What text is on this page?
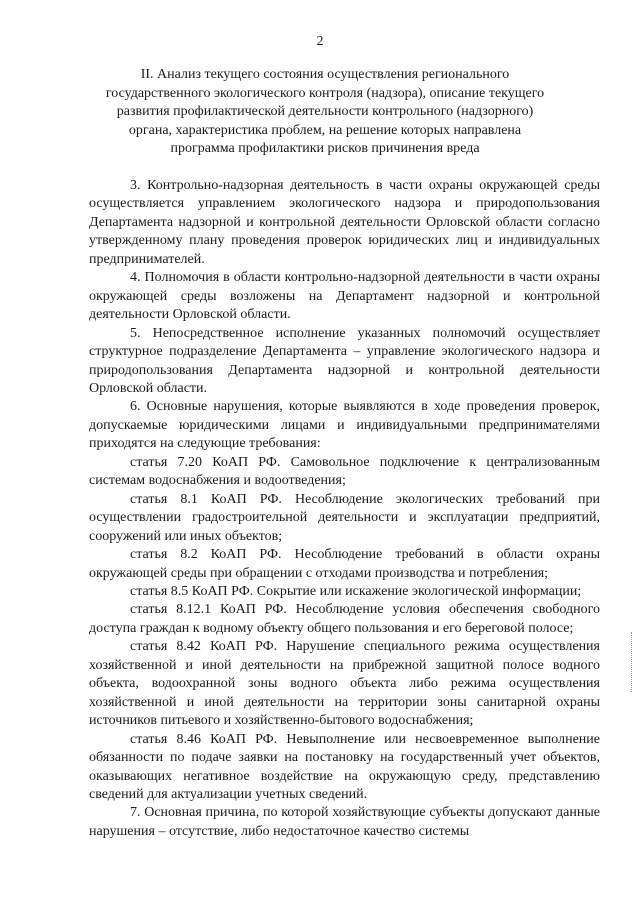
2
II. Анализ текущего состояния осуществления регионального государственного экологического контроля (надзора), описание текущего развития профилактической деятельности контрольного (надзорного) органа, характеристика проблем, на решение которых направлена программа профилактики рисков причинения вреда

3. Контрольно-надзорная деятельность в части охраны окружающей среды осуществляется управлением экологического надзора и природопользования Департамента надзорной и контрольной деятельности Орловской области согласно утвержденному плану проведения проверок юридических лиц и индивидуальных предпринимателей.

4. Полномочия в области контрольно-надзорной деятельности в части охраны окружающей среды возложены на Департамент надзорной и контрольной деятельности Орловской области.

5. Непосредственное исполнение указанных полномочий осуществляет структурное подразделение Департамента – управление экологического надзора и природопользования Департамента надзорной и контрольной деятельности Орловской области.

6. Основные нарушения, которые выявляются в ходе проведения проверок, допускаемые юридическими лицами и индивидуальными предпринимателями приходятся на следующие требования:

статья 7.20 КоАП РФ. Самовольное подключение к централизованным системам водоснабжения и водоотведения;

статья 8.1 КоАП РФ. Несоблюдение экологических требований при осуществлении градостроительной деятельности и эксплуатации предприятий, сооружений или иных объектов;

статья 8.2 КоАП РФ. Несоблюдение требований в области охраны окружающей среды при обращении с отходами производства и потребления;

статья 8.5 КоАП РФ. Сокрытие или искажение экологической информации;

статья 8.12.1 КоАП РФ. Несоблюдение условия обеспечения свободного доступа граждан к водному объекту общего пользования и его береговой полосе;

статья 8.42 КоАП РФ. Нарушение специального режима осуществления хозяйственной и иной деятельности на прибрежной защитной полосе водного объекта, водоохранной зоны водного объекта либо режима осуществления хозяйственной и иной деятельности на территории зоны санитарной охраны источников питьевого и хозяйственно-бытового водоснабжения;

статья 8.46 КоАП РФ. Невыполнение или несвоевременное выполнение обязанности по подаче заявки на постановку на государственный учет объектов, оказывающих негативное воздействие на окружающую среду, представлению сведений для актуализации учетных сведений.

7. Основная причина, по которой хозяйствующие субъекты допускают данные нарушения – отсутствие, либо недостаточное качество системы
